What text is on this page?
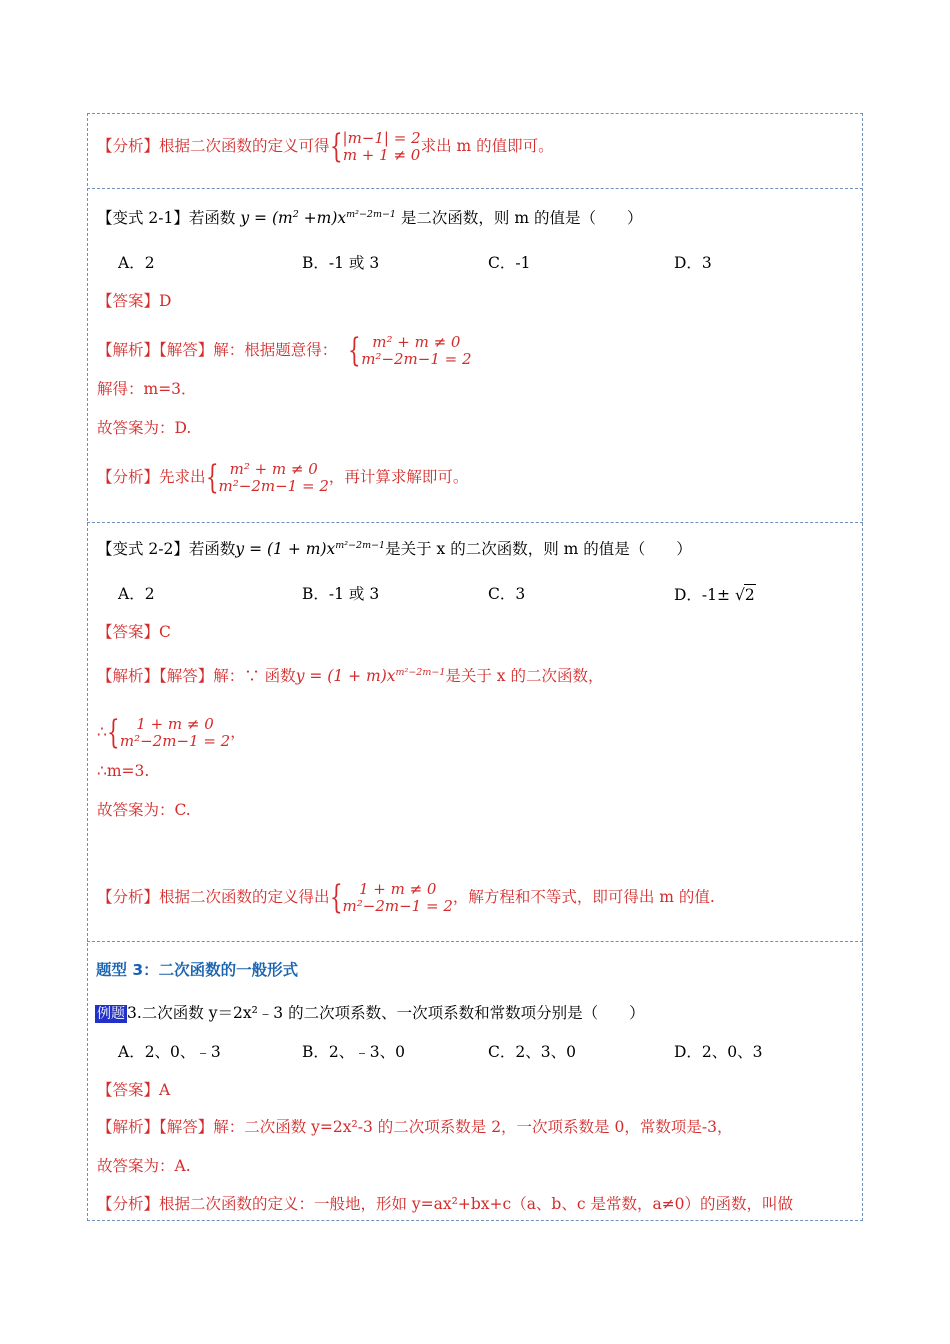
【分析】根据二次函数的定义可得 { |m−1| = 2
m + 1 ≠ 0 求出 m 的值即可。
【变式 2-1】若函数 $y = (m^2 +m)x^{m^2-2m-1}$ 是二次函数，则 m 的值是（　　）
A．2	B．-1 或 3	C．-1	D．3
【答案】D
【解析】【解答】解：根据题意得： { m² + m ≠ 0
m²−2m−1 = 2
解得：m=3．
故答案为：D.
【分析】先求出 { m² + m ≠ 0
m²−2m−1 = 2 ，再计算求解即可。
【变式 2-2】若函数$y = (1 + m)x^{m^2-2m-1}$是关于 x 的二次函数，则 m 的值是（　　）
A．2	B．-1 或 3	C．3	D．-1± √2
【答案】C
【解析】【解答】解：∵ 函数$y = (1 + m)x^{m^2-2m-1}$是关于 x 的二次函数，
∴ {	1 + m ≠ 0
m²−2m−1 = 2 ，
∴m=3.
故答案为：C.
【分析】根据二次函数的定义得出 {	1 + m ≠ 0
m²−2m−1 = 2 ，解方程和不等式，即可得出 m 的值.
题型 3：二次函数的一般形式
例题 3.二次函数 y＝2x²﹣3 的二次项系数、一次项系数和常数项分别是（　　）
A．2、0、﹣3	B．2、﹣3、0	C．2、3、0	D．2、0、3
【答案】A
【解析】【解答】解：二次函数 y=2x²-3 的二次项系数是 2，一次项系数是 0，常数项是-3，
故答案为：A.
【分析】根据二次函数的定义：一般地，形如 y=ax²+bx+c（a、b、c 是常数，a≠0）的函数，叫做
